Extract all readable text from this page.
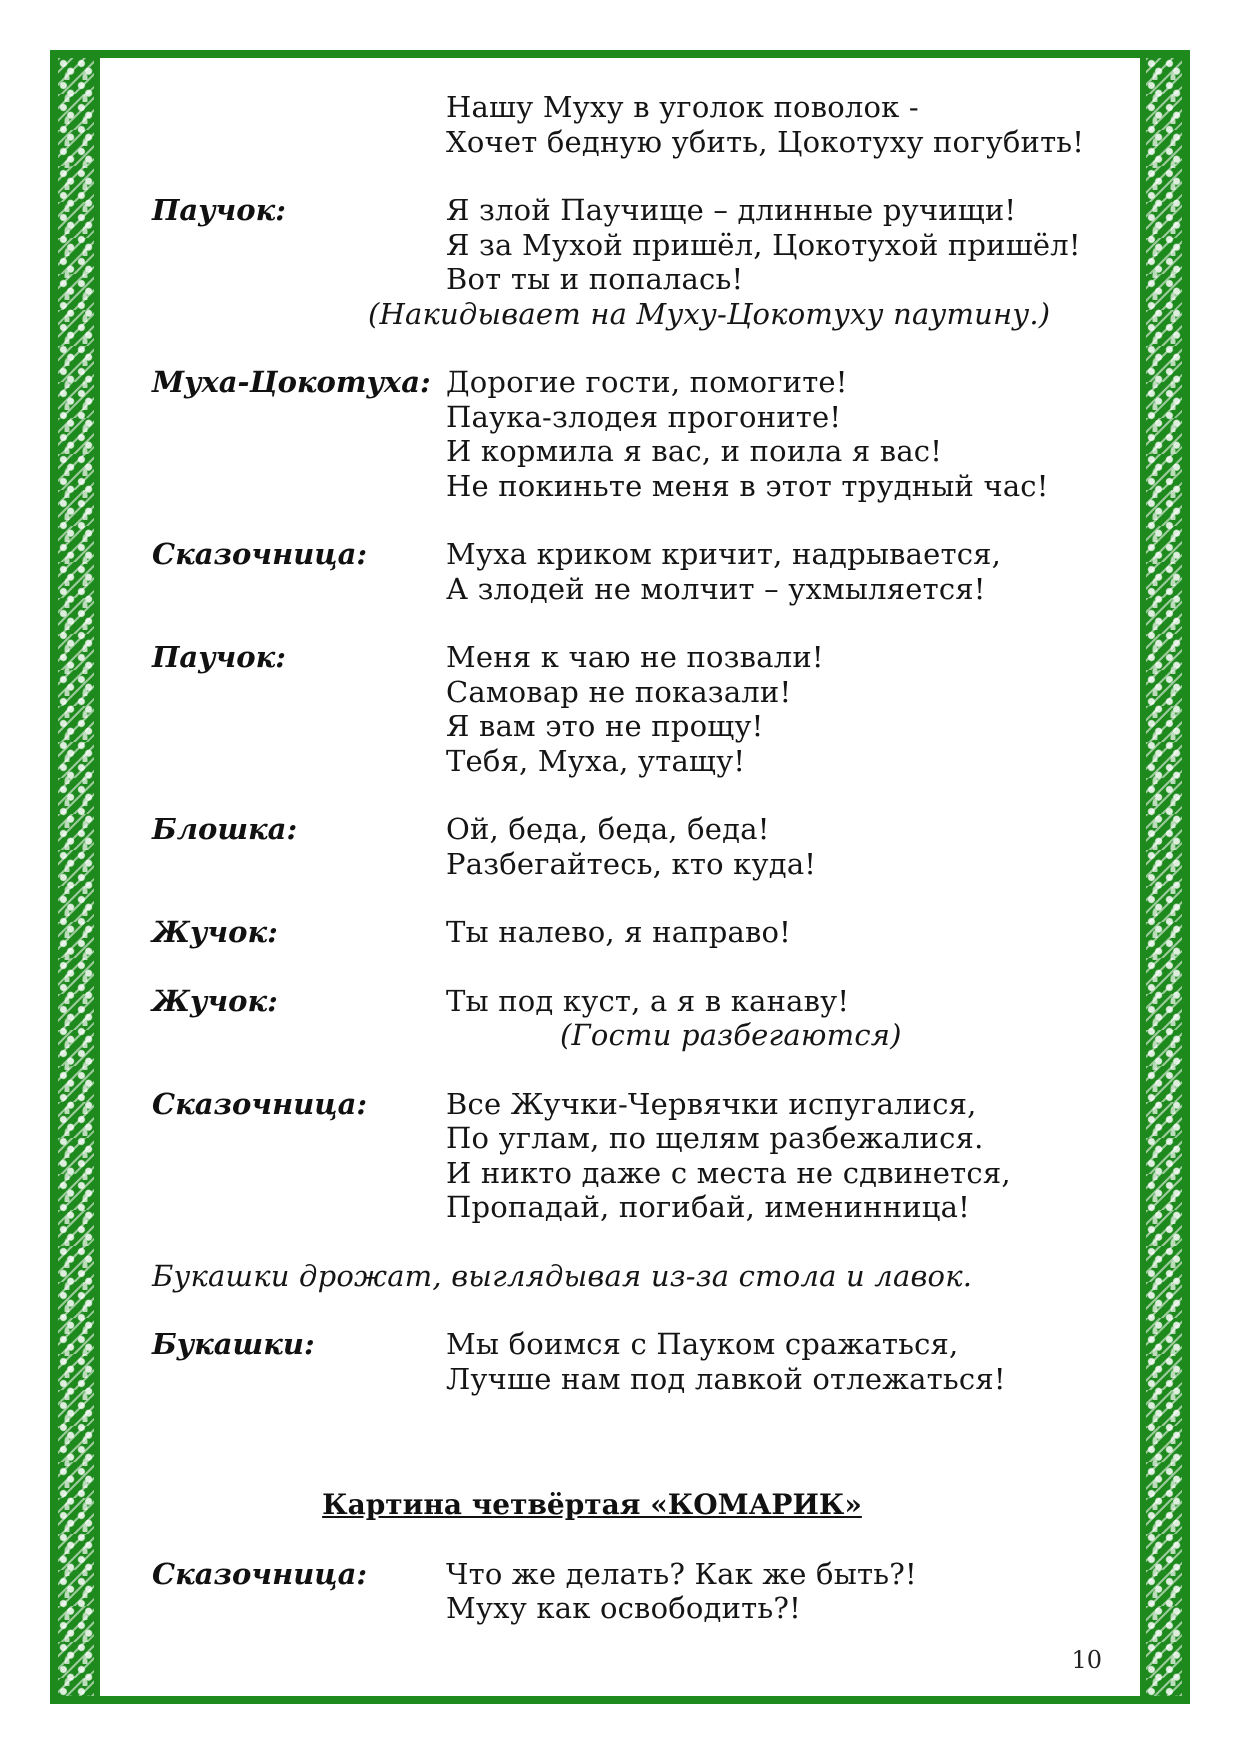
Нашу Муху в уголок поволок -
Хочет бедную убить, Цокотуху погубить!
Паучок:	Я злой Паучище – длинные ручищи!
Я за Мухой пришёл, Цокотухой пришёл!
Вот ты и попалась!
(Накидывает на Муху-Цокотуху паутину.)
Муха-Цокотуха: Дорогие гости, помогите!
Паука-злодея прогоните!
И кормила я вас, и поила я вас!
Не покиньте меня в этот трудный час!
Сказочница:	Муха криком кричит, надрывается,
А злодей не молчит – ухмыляется!
Паучок:	Меня к чаю не позвали!
Самовар не показали!
Я вам это не прощу!
Тебя, Муха, утащу!
Блошка:	Ой, беда, беда, беда!
Разбегайтесь, кто куда!
Жучок:	Ты налево, я направо!
Жучок:	Ты под куст, а я в канаву!
(Гости разбегаются)
Сказочница:	Все Жучки-Червячки испугалися,
По углам, по щелям разбежалися.
И никто даже с места не сдвинется,
Пропадай, погибай, именинница!
Букашки дрожат, выглядывая из-за стола и лавок.
Букашки:	Мы боимся с Пауком сражаться,
Лучше нам под лавкой отлежаться!
Картина четвёртая «КОМАРИК»
Сказочница:	Что же делать? Как же быть?!
Муху как освободить?!
10
